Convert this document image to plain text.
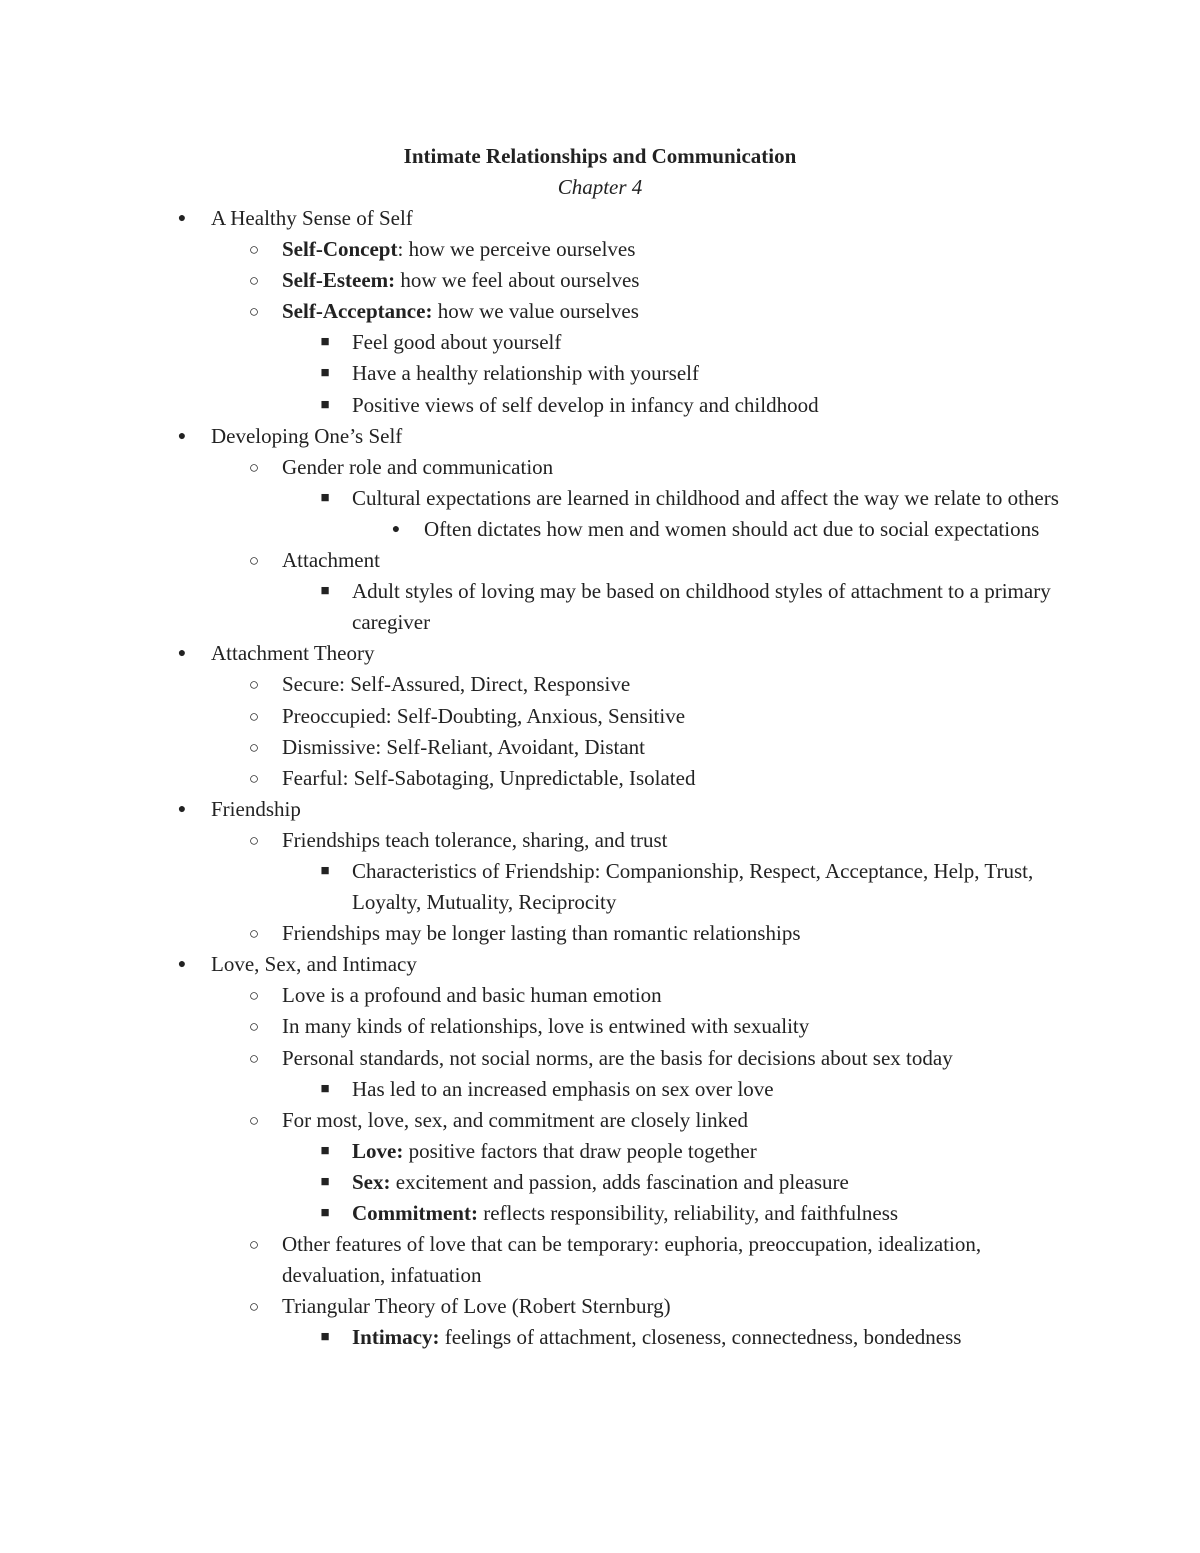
Intimate Relationships and Communication
Chapter 4
● A Healthy Sense of Self
○ Self-Concept: how we perceive ourselves
○ Self-Esteem: how we feel about ourselves
○ Self-Acceptance: how we value ourselves
■ Feel good about yourself
■ Have a healthy relationship with yourself
■ Positive views of self develop in infancy and childhood
● Developing One’s Self
○ Gender role and communication
■ Cultural expectations are learned in childhood and affect the way we relate to others
● Often dictates how men and women should act due to social expectations
○ Attachment
■ Adult styles of loving may be based on childhood styles of attachment to a primary caregiver
● Attachment Theory
○ Secure: Self-Assured, Direct, Responsive
○ Preoccupied: Self-Doubting, Anxious, Sensitive
○ Dismissive: Self-Reliant, Avoidant, Distant
○ Fearful: Self-Sabotaging, Unpredictable, Isolated
● Friendship
○ Friendships teach tolerance, sharing, and trust
■ Characteristics of Friendship: Companionship, Respect, Acceptance, Help, Trust, Loyalty, Mutuality, Reciprocity
○ Friendships may be longer lasting than romantic relationships
● Love, Sex, and Intimacy
○ Love is a profound and basic human emotion
○ In many kinds of relationships, love is entwined with sexuality
○ Personal standards, not social norms, are the basis for decisions about sex today
■ Has led to an increased emphasis on sex over love
○ For most, love, sex, and commitment are closely linked
■ Love: positive factors that draw people together
■ Sex: excitement and passion, adds fascination and pleasure
■ Commitment: reflects responsibility, reliability, and faithfulness
○ Other features of love that can be temporary: euphoria, preoccupation, idealization, devaluation, infatuation
○ Triangular Theory of Love (Robert Sternburg)
■ Intimacy: feelings of attachment, closeness, connectedness, bondedness
